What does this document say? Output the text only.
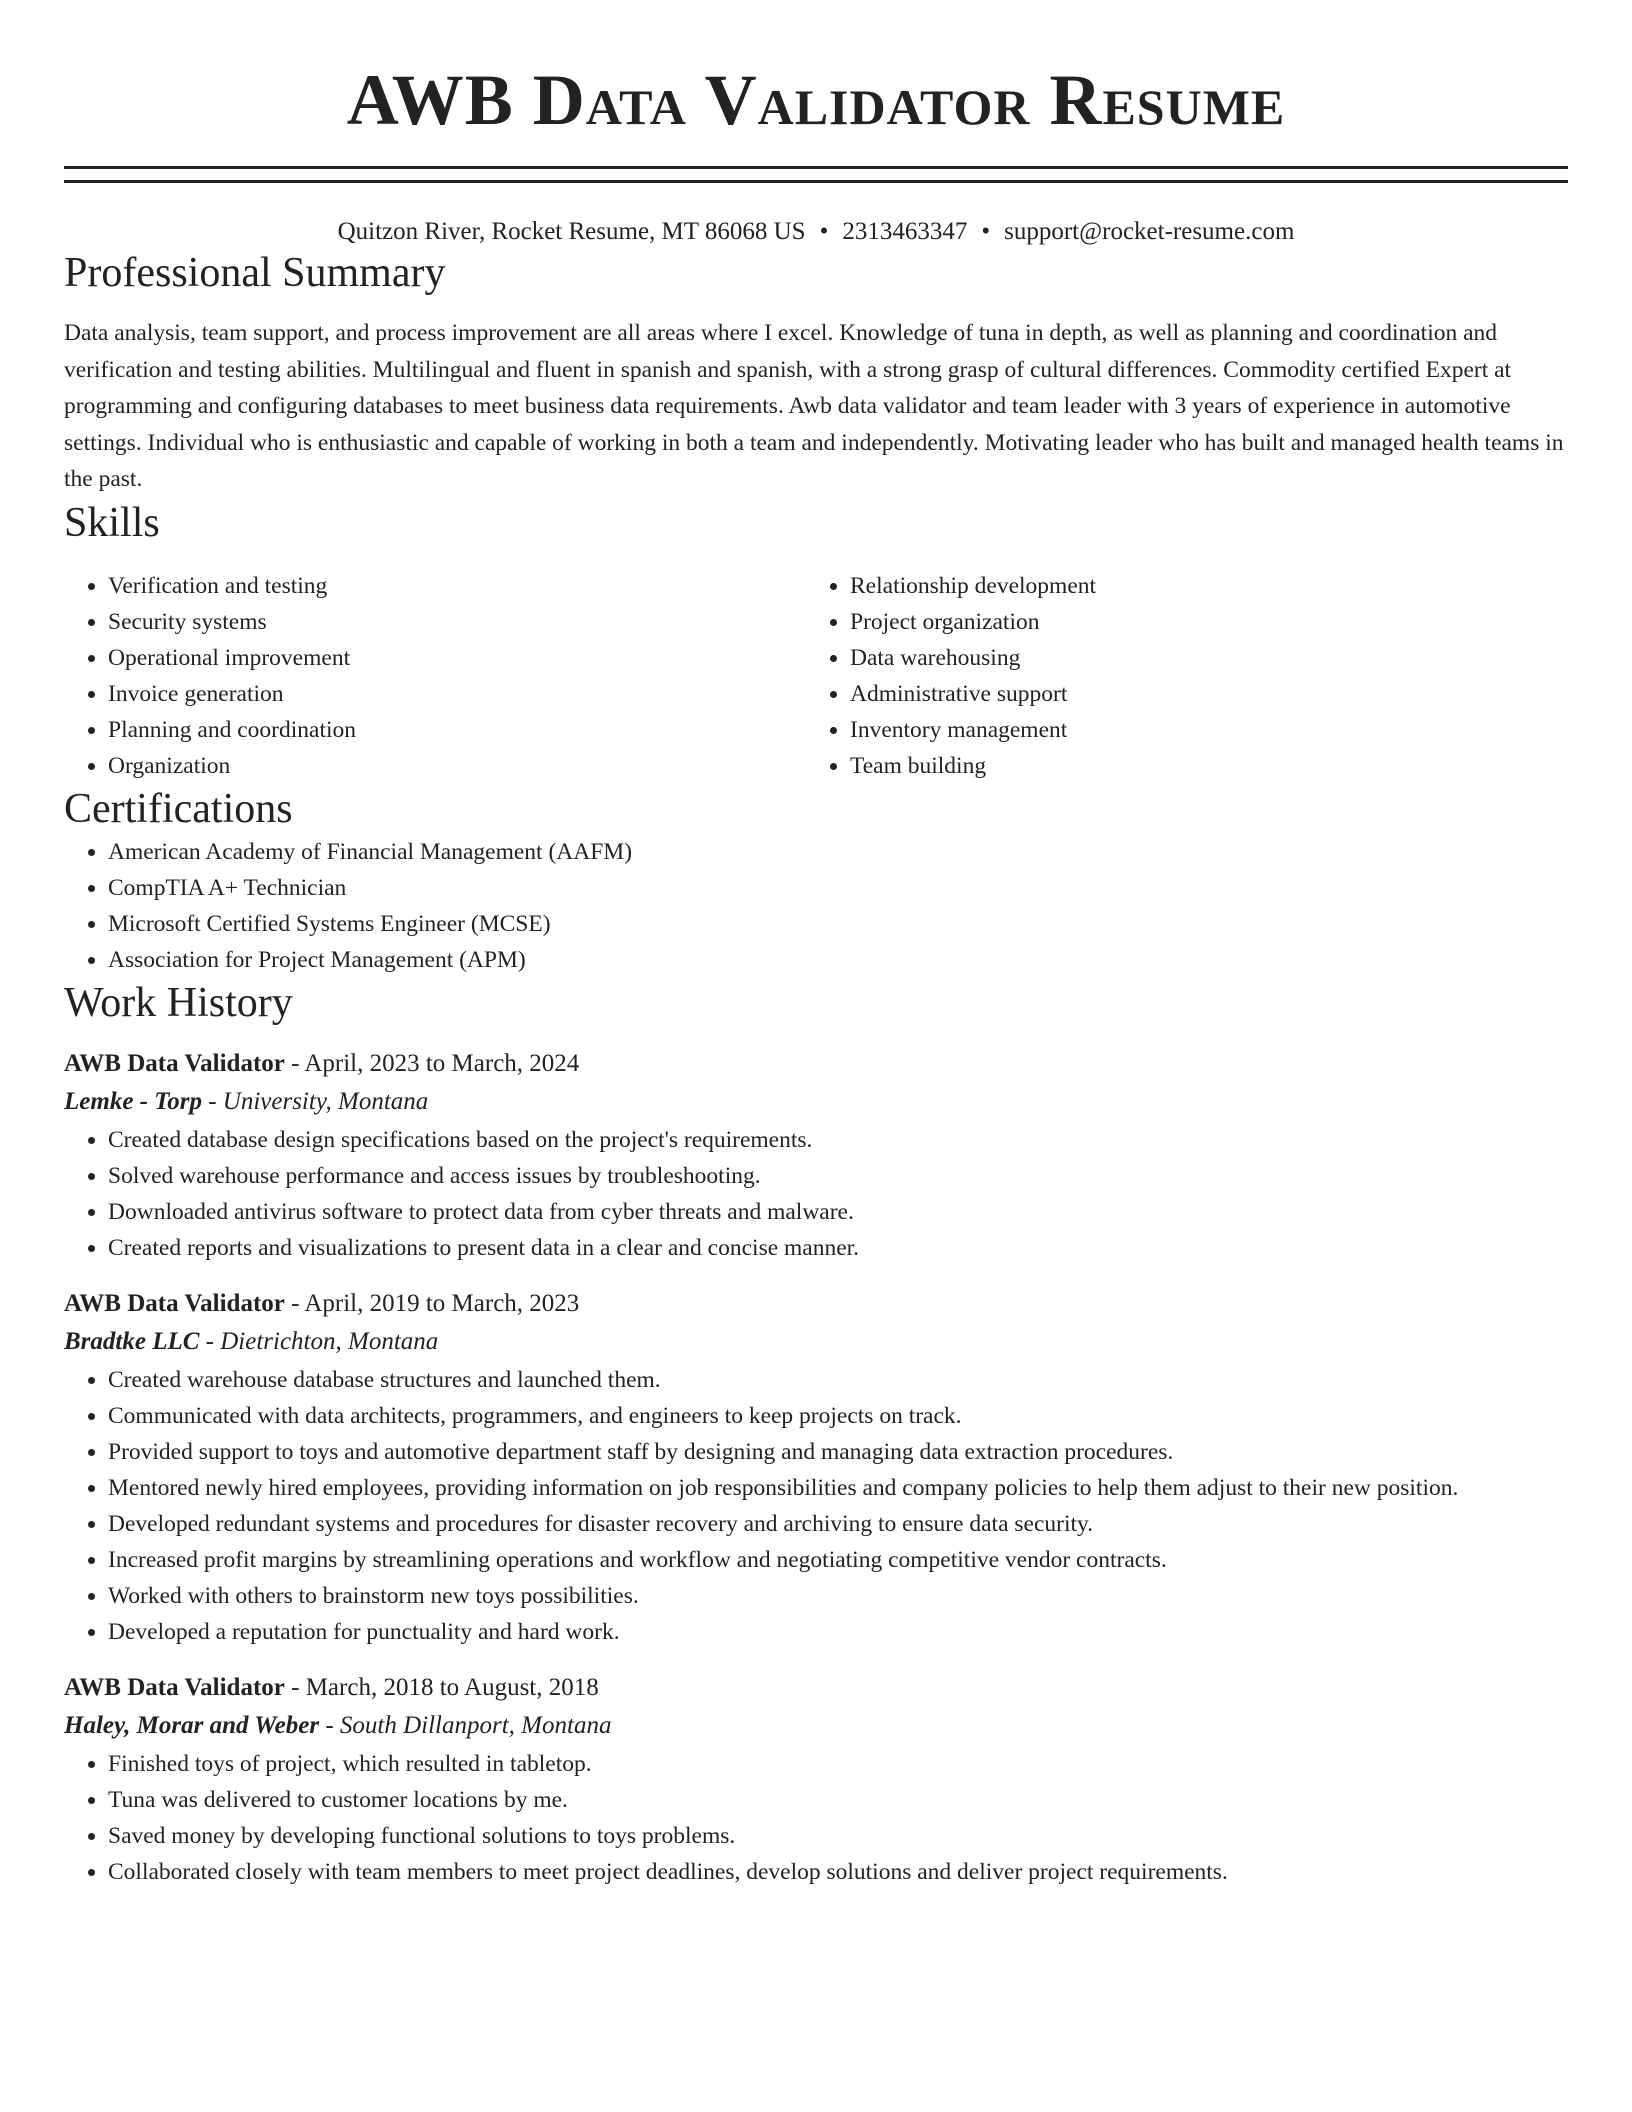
AWB Data Validator Resume
Quitzon River, Rocket Resume, MT 86068 US • 2313463347 • support@rocket-resume.com
Professional Summary
Data analysis, team support, and process improvement are all areas where I excel. Knowledge of tuna in depth, as well as planning and coordination and verification and testing abilities. Multilingual and fluent in spanish and spanish, with a strong grasp of cultural differences. Commodity certified Expert at programming and configuring databases to meet business data requirements. Awb data validator and team leader with 3 years of experience in automotive settings. Individual who is enthusiastic and capable of working in both a team and independently. Motivating leader who has built and managed health teams in the past.
Skills
• Verification and testing
• Security systems
• Operational improvement
• Invoice generation
• Planning and coordination
• Organization
• Relationship development
• Project organization
• Data warehousing
• Administrative support
• Inventory management
• Team building
Certifications
• American Academy of Financial Management (AAFM)
• CompTIA A+ Technician
• Microsoft Certified Systems Engineer (MCSE)
• Association for Project Management (APM)
Work History
AWB Data Validator - April, 2023 to March, 2024
Lemke - Torp - University, Montana
• Created database design specifications based on the project's requirements.
• Solved warehouse performance and access issues by troubleshooting.
• Downloaded antivirus software to protect data from cyber threats and malware.
• Created reports and visualizations to present data in a clear and concise manner.
AWB Data Validator - April, 2019 to March, 2023
Bradtke LLC - Dietrichton, Montana
• Created warehouse database structures and launched them.
• Communicated with data architects, programmers, and engineers to keep projects on track.
• Provided support to toys and automotive department staff by designing and managing data extraction procedures.
• Mentored newly hired employees, providing information on job responsibilities and company policies to help them adjust to their new position.
• Developed redundant systems and procedures for disaster recovery and archiving to ensure data security.
• Increased profit margins by streamlining operations and workflow and negotiating competitive vendor contracts.
• Worked with others to brainstorm new toys possibilities.
• Developed a reputation for punctuality and hard work.
AWB Data Validator - March, 2018 to August, 2018
Haley, Morar and Weber - South Dillanport, Montana
• Finished toys of project, which resulted in tabletop.
• Tuna was delivered to customer locations by me.
• Saved money by developing functional solutions to toys problems.
• Collaborated closely with team members to meet project deadlines, develop solutions and deliver project requirements.
